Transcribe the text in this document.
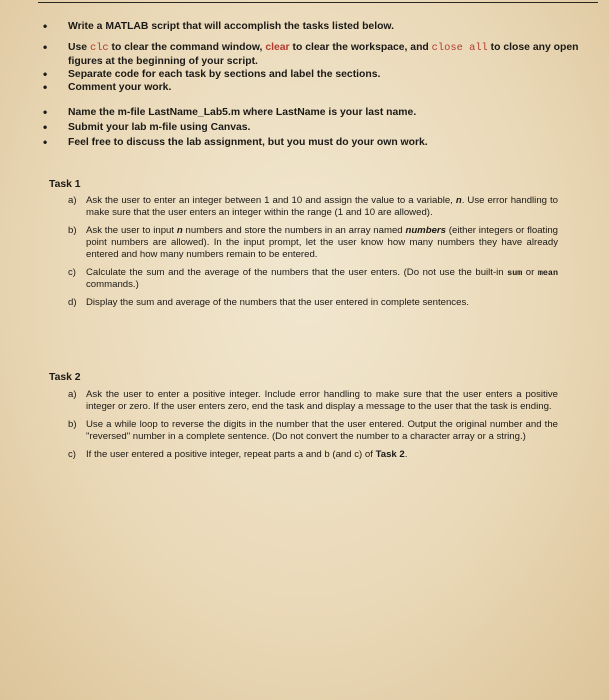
• Write a MATLAB script that will accomplish the tasks listed below.
• Use clc to clear the command window, clear to clear the workspace, and close all to close any open figures at the beginning of your script.
• Separate code for each task by sections and label the sections.
• Comment your work.
• Name the m-file LastName_Lab5.m where LastName is your last name.
• Submit your lab m-file using Canvas.
• Feel free to discuss the lab assignment, but you must do your own work.
Task 1
a) Ask the user to enter an integer between 1 and 10 and assign the value to a variable, n. Use error handling to make sure that the user enters an integer within the range (1 and 10 are allowed).
b) Ask the user to input n numbers and store the numbers in an array named numbers (either integers or floating point numbers are allowed). In the input prompt, let the user know how many numbers they have already entered and how many numbers remain to be entered.
c) Calculate the sum and the average of the numbers that the user enters. (Do not use the built-in sum or mean commands.)
d) Display the sum and average of the numbers that the user entered in complete sentences.
Task 2
a) Ask the user to enter a positive integer. Include error handling to make sure that the user enters a positive integer or zero. If the user enters zero, end the task and display a message to the user that the task is ending.
b) Use a while loop to reverse the digits in the number that the user entered. Output the original number and the "reversed" number in a complete sentence. (Do not convert the number to a character array or a string.)
c) If the user entered a positive integer, repeat parts a and b (and c) of Task 2.
